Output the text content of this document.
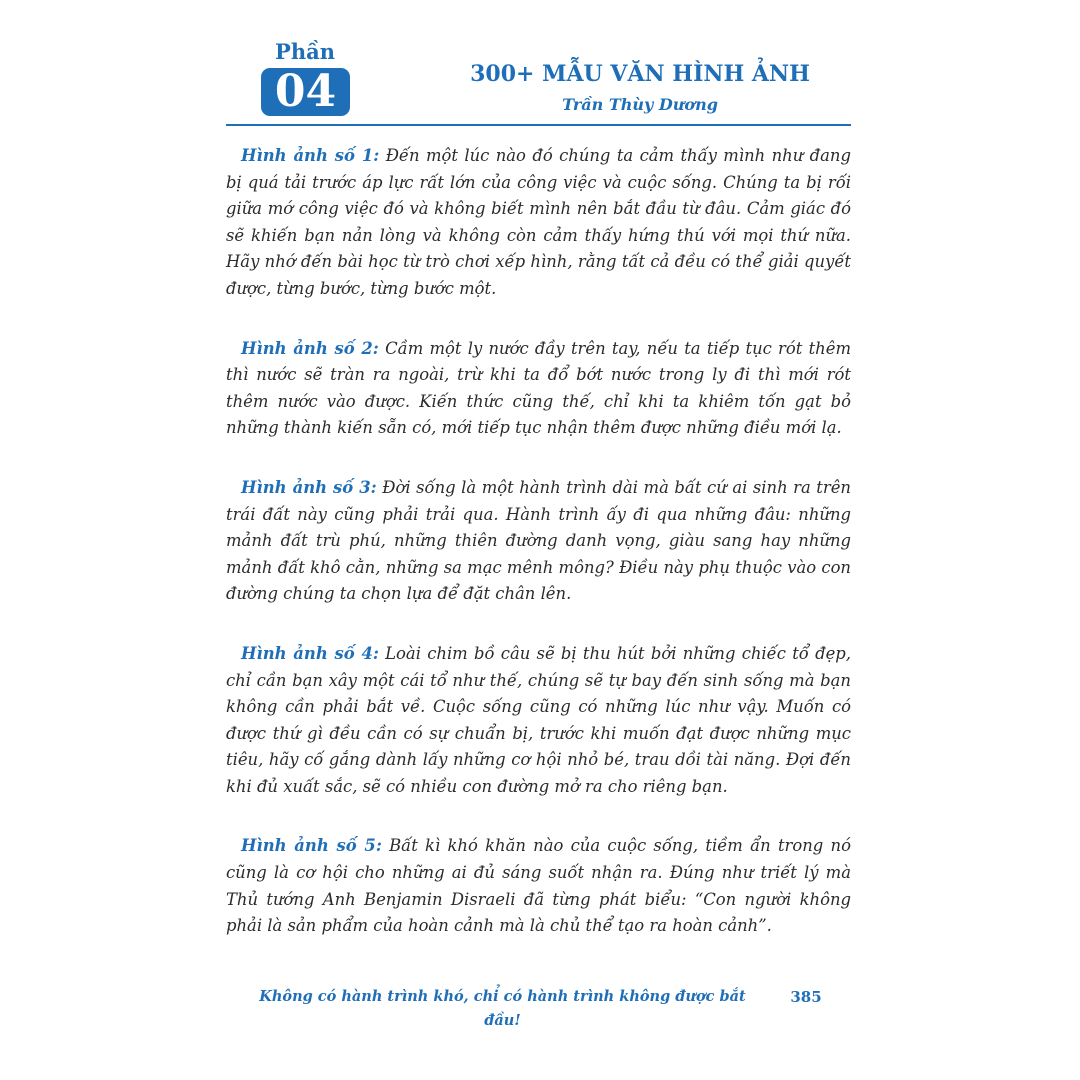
Phần
04	300+ MẪU VĂN HÌNH ẢNH
Trần Thùy Dương

Hình ảnh số 1: Đến một lúc nào đó chúng ta cảm thấy mình như đang bị quá tải trước áp lực rất lớn của công việc và cuộc sống. Chúng ta bị rối giữa mớ công việc đó và không biết mình nên bắt đầu từ đâu. Cảm giác đó sẽ khiến bạn nản lòng và không còn cảm thấy hứng thú với mọi thứ nữa. Hãy nhớ đến bài học từ trò chơi xếp hình, rằng tất cả đều có thể giải quyết được, từng bước, từng bước một.

Hình ảnh số 2: Cầm một ly nước đầy trên tay, nếu ta tiếp tục rót thêm thì nước sẽ tràn ra ngoài, trừ khi ta đổ bớt nước trong ly đi thì mới rót thêm nước vào được. Kiến thức cũng thế, chỉ khi ta khiêm tốn gạt bỏ những thành kiến sẵn có, mới tiếp tục nhận thêm được những điều mới lạ.

Hình ảnh số 3: Đời sống là một hành trình dài mà bất cứ ai sinh ra trên trái đất này cũng phải trải qua. Hành trình ấy đi qua những đâu: những mảnh đất trù phú, những thiên đường danh vọng, giàu sang hay những mảnh đất khô cằn, những sa mạc mênh mông? Điều này phụ thuộc vào con đường chúng ta chọn lựa để đặt chân lên.

Hình ảnh số 4: Loài chim bồ câu sẽ bị thu hút bởi những chiếc tổ đẹp, chỉ cần bạn xây một cái tổ như thế, chúng sẽ tự bay đến sinh sống mà bạn không cần phải bắt về. Cuộc sống cũng có những lúc như vậy. Muốn có được thứ gì đều cần có sự chuẩn bị, trước khi muốn đạt được những mục tiêu, hãy cố gắng dành lấy những cơ hội nhỏ bé, trau dồi tài năng. Đợi đến khi đủ xuất sắc, sẽ có nhiều con đường mở ra cho riêng bạn.

Hình ảnh số 5: Bất kì khó khăn nào của cuộc sống, tiềm ẩn trong nó cũng là cơ hội cho những ai đủ sáng suốt nhận ra. Đúng như triết lý mà Thủ tướng Anh Benjamin Disraeli đã từng phát biểu: “Con người không phải là sản phẩm của hoàn cảnh mà là chủ thể tạo ra hoàn cảnh”.

Không có hành trình khó, chỉ có hành trình không được bắt đầu!
385
